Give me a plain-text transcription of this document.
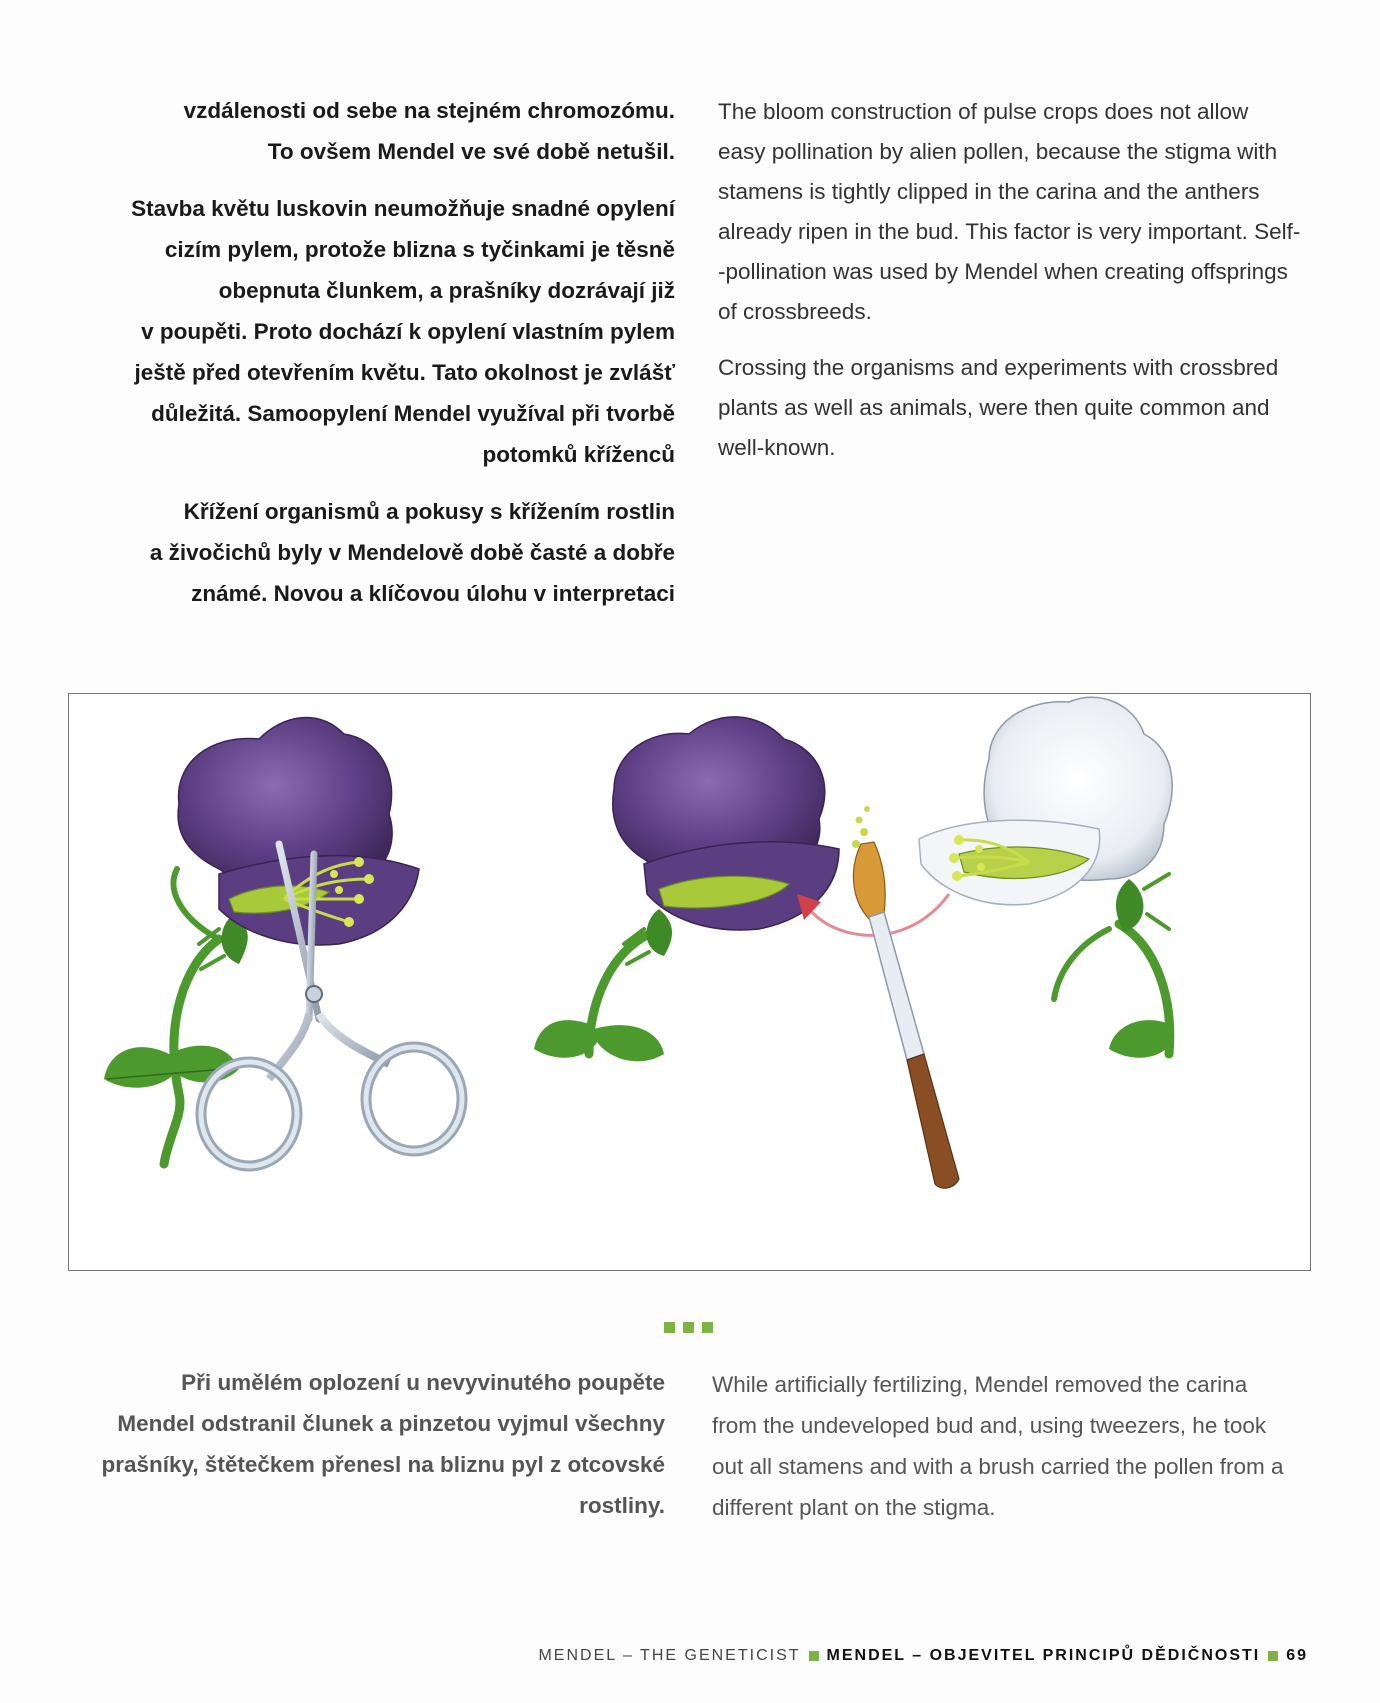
vzdálenosti od sebe na stejném chromozómu.
To ovšem Mendel ve své době netušil.

Stavba květu luskovin neumožňuje snadné opylení
cizím pylem, protože blizna s tyčinkami je těsně
obepnuta člunkem, a prašníky dozrávají již
v poupěti. Proto dochází k opylení vlastním pylem
ještě před otevřením květu. Tato okolnost je zvlášť
důležitá. Samoopylení Mendel využíval při tvorbě
potomků kříženců

Křížení organismů a pokusy s křížením rostlin
a živočichů byly v Mendelově době časté a dobře
známé. Novou a klíčovou úlohu v interpretaci

The bloom construction of pulse crops does not allow
easy pollination by alien pollen, because the stigma with
stamens is tightly clipped in the carina and the anthers
already ripen in the bud. This factor is very important. Self-
-pollination was used by Mendel when creating offsprings
of crossbreeds.

Crossing the organisms and experiments with crossbred
plants as well as animals, were then quite common and
well-known.

Při umělém oplození u nevyvinutého poupěte
Mendel odstranil člunek a pinzetou vyjmul všechny
prašníky, štětečkem přenesl na bliznu pyl z otcovské
rostliny.
While artificially fertilizing, Mendel removed the carina
from the undeveloped bud and, using tweezers, he took
out all stamens and with a brush carried the pollen from a
different plant on the stigma.
MENDEL – THE GENETICIST MENDEL – OBJEVITEL PRINCIPŮ DĚDIČNOSTI 69
